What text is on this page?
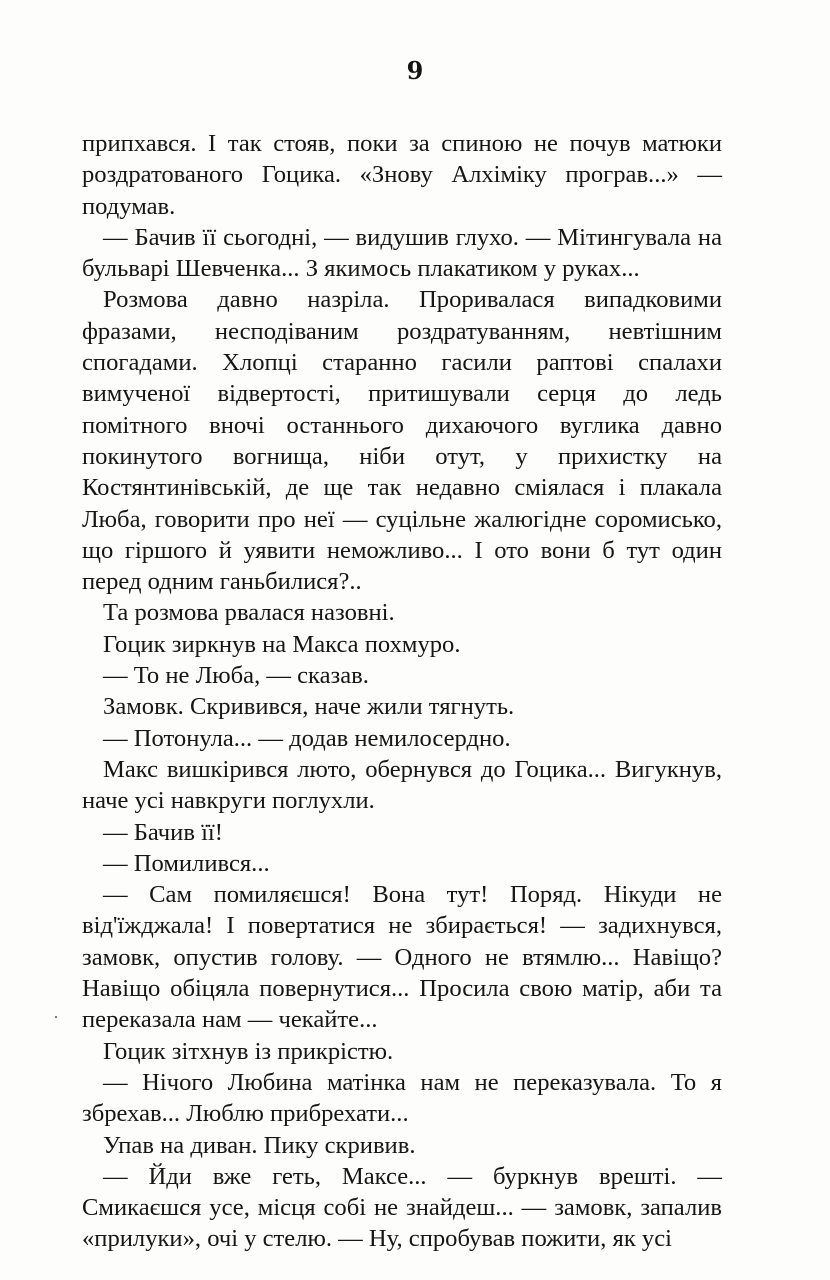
9

припхався. І так стояв, поки за спиною не почув матюки роздратованого Гоцика. «Знову Алхіміку програв...» — подумав.

— Бачив її сьогодні, — видушив глухо. — Мітингувала на бульварі Шевченка... З якимось плакатиком у руках...

Розмова давно назріла. Проривалася випадковими фразами, несподіваним роздратуванням, невтішним спогадами. Хлопці старанно гасили раптові спалахи вимученої відвертості, притишували серця до ледь помітного вночі останнього дихаючого вуглика давно покинутого вогнища, ніби отут, у прихистку на Костянтинівській, де ще так недавно сміялася і плакала Люба, говорити про неї — суцільне жалюгідне соромисько, що гіршого й уявити неможливо... І ото вони б тут один перед одним ганьбилися?..

Та розмова рвалася назовні.

Гоцик зиркнув на Макса похмуро.

— То не Люба, — сказав.

Замовк. Скривився, наче жили тягнуть.

— Потонула... — додав немилосердно.

Макс вишкірився люто, обернувся до Гоцика... Вигукнув, наче усі навкруги поглухли.

— Бачив її!

— Помилився...

— Сам помиляєшся! Вона тут! Поряд. Нікуди не від'їжджала! І повертатися не збирається! — задихнувся, замовк, опустив голову. — Одного не втямлю... Навіщо? Навіщо обіцяла повернутися... Просила свою матір, аби та переказала нам — чекайте...

Гоцик зітхнув із прикрістю.

— Нічого Любина матінка нам не переказувала. То я збрехав... Люблю прибрехати...

Упав на диван. Пику скривив.

— Йди вже геть, Максе... — буркнув врешті. — Смикаєшся усе, місця собі не знайдеш... — замовк, запалив «прилуки», очі у стелю. — Ну, спробував пожити, як усі
